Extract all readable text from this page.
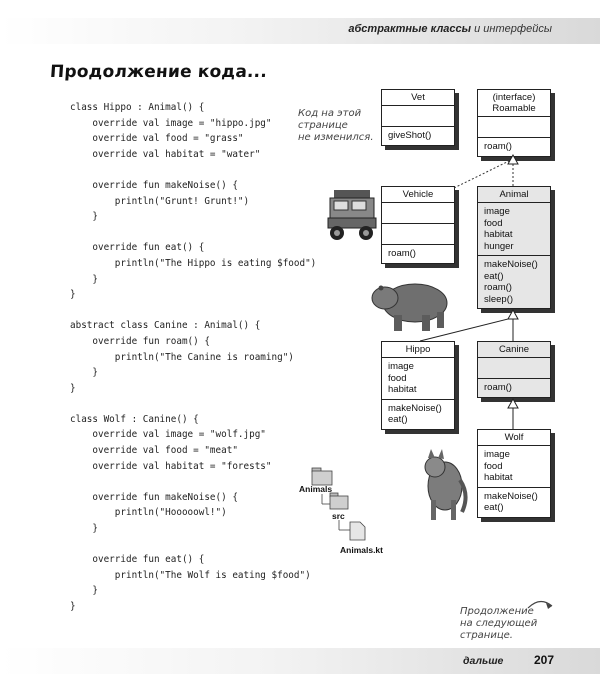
абстрактные классы и интерфейсы
Продолжение кода...
class Hippo : Animal() {
override val image = "hippo.jpg"
override val food = "grass"
override val habitat = "water"

override fun makeNoise() {
println("Grunt! Grunt!")
}

override fun eat() {
println("The Hippo is eating $food")
}
}

abstract class Canine : Animal() {
override fun roam() {
println("The Canine is roaming")
}
}

class Wolf : Canine() {
override val image = "wolf.jpg"
override val food = "meat"
override val habitat = "forests"

override fun makeNoise() {
println("Hooooowl!")
}

override fun eat() {
println("The Wolf is eating $food")
}
}
Код на этой
странице
не изменился.
Vet
giveShot()
(interface)
Roamable
roam()
Vehicle
roam()
Animal
image
food
habitat
hunger
makeNoise()
eat()
roam()
sleep()
Hippo
image
food
habitat
makeNoise()
eat()
Canine
roam()
Wolf
image
food
habitat
makeNoise()
eat()
Animals
src
Animals.kt
Продолжение
на следующей
странице.
дальше	207
